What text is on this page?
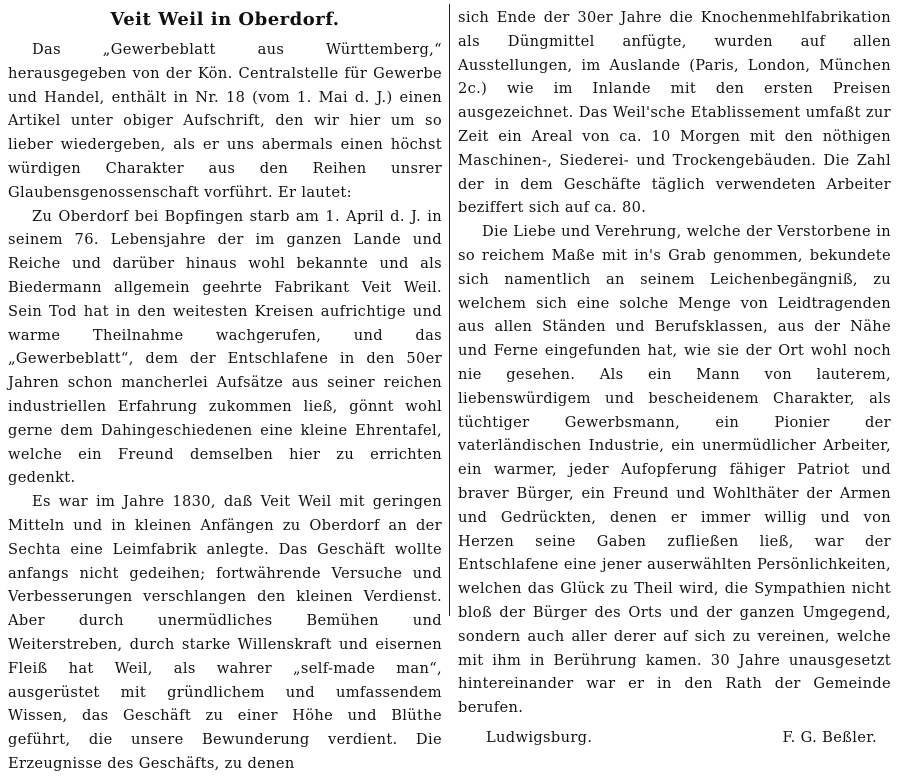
Veit Weil in Oberdorf.

Das „Gewerbeblatt aus Württemberg,“ herausgegeben von der Kön. Centralstelle für Gewerbe und Handel, enthält in Nr. 18 (vom 1. Mai d. J.) einen Artikel unter obiger Aufschrift, den wir hier um so lieber wiedergeben, als er uns abermals einen höchst würdigen Charakter aus den Reihen unsrer Glaubensgenossenschaft vorführt. Er lautet:

Zu Oberdorf bei Bopfingen starb am 1. April d. J. in seinem 76. Lebensjahre der im ganzen Lande und Reiche und darüber hinaus wohl bekannte und als Biedermann allgemein geehrte Fabrikant Veit Weil. Sein Tod hat in den weitesten Kreisen aufrichtige und warme Theilnahme wachgerufen, und das „Gewerbeblatt“, dem der Entschlafene in den 50er Jahren schon mancherlei Aufsätze aus seiner reichen industriellen Erfahrung zukommen ließ, gönnt wohl gerne dem Dahingeschiedenen eine kleine Ehrentafel, welche ein Freund demselben hier zu errichten gedenkt.

Es war im Jahre 1830, daß Veit Weil mit geringen Mitteln und in kleinen Anfängen zu Oberdorf an der Sechta eine Leimfabrik anlegte. Das Geschäft wollte anfangs nicht gedeihen; fortwährende Versuche und Verbesserungen verschlangen den kleinen Verdienst. Aber durch unermüdliches Bemühen und Weiterstreben, durch starke Willenskraft und eisernen Fleiß hat Weil, als wahrer „self-made man“, ausgerüstet mit gründlichem und umfassendem Wissen, das Geschäft zu einer Höhe und Blüthe geführt, die unsere Bewunderung verdient. Die Erzeugnisse des Geschäfts, zu denen

sich Ende der 30er Jahre die Knochenmehlfabrikation als Düngmittel anfügte, wurden auf allen Ausstellungen, im Auslande (Paris, London, München 2c.) wie im Inlande mit den ersten Preisen ausgezeichnet. Das Weil'sche Etablissement umfaßt zur Zeit ein Areal von ca. 10 Morgen mit den nöthigen Maschinen-, Siederei- und Trockengebäuden. Die Zahl der in dem Geschäfte täglich verwendeten Arbeiter beziffert sich auf ca. 80.

Die Liebe und Verehrung, welche der Verstorbene in so reichem Maße mit in's Grab genommen, bekundete sich namentlich an seinem Leichenbegängniß, zu welchem sich eine solche Menge von Leidtragenden aus allen Ständen und Berufsklassen, aus der Nähe und Ferne eingefunden hat, wie sie der Ort wohl noch nie gesehen. Als ein Mann von lauterem, liebenswürdigem und bescheidenem Charakter, als tüchtiger Gewerbsmann, ein Pionier der vaterländischen Industrie, ein unermüdlicher Arbeiter, ein warmer, jeder Aufopferung fähiger Patriot und braver Bürger, ein Freund und Wohlthäter der Armen und Gedrückten, denen er immer willig und von Herzen seine Gaben zufließen ließ, war der Entschlafene eine jener auserwählten Persönlichkeiten, welchen das Glück zu Theil wird, die Sympathien nicht bloß der Bürger des Orts und der ganzen Umgegend, sondern auch aller derer auf sich zu vereinen, welche mit ihm in Berührung kamen. 30 Jahre unausgesetzt hintereinander war er in den Rath der Gemeinde berufen.

Ludwigsburg.	F. G. Beßler.
